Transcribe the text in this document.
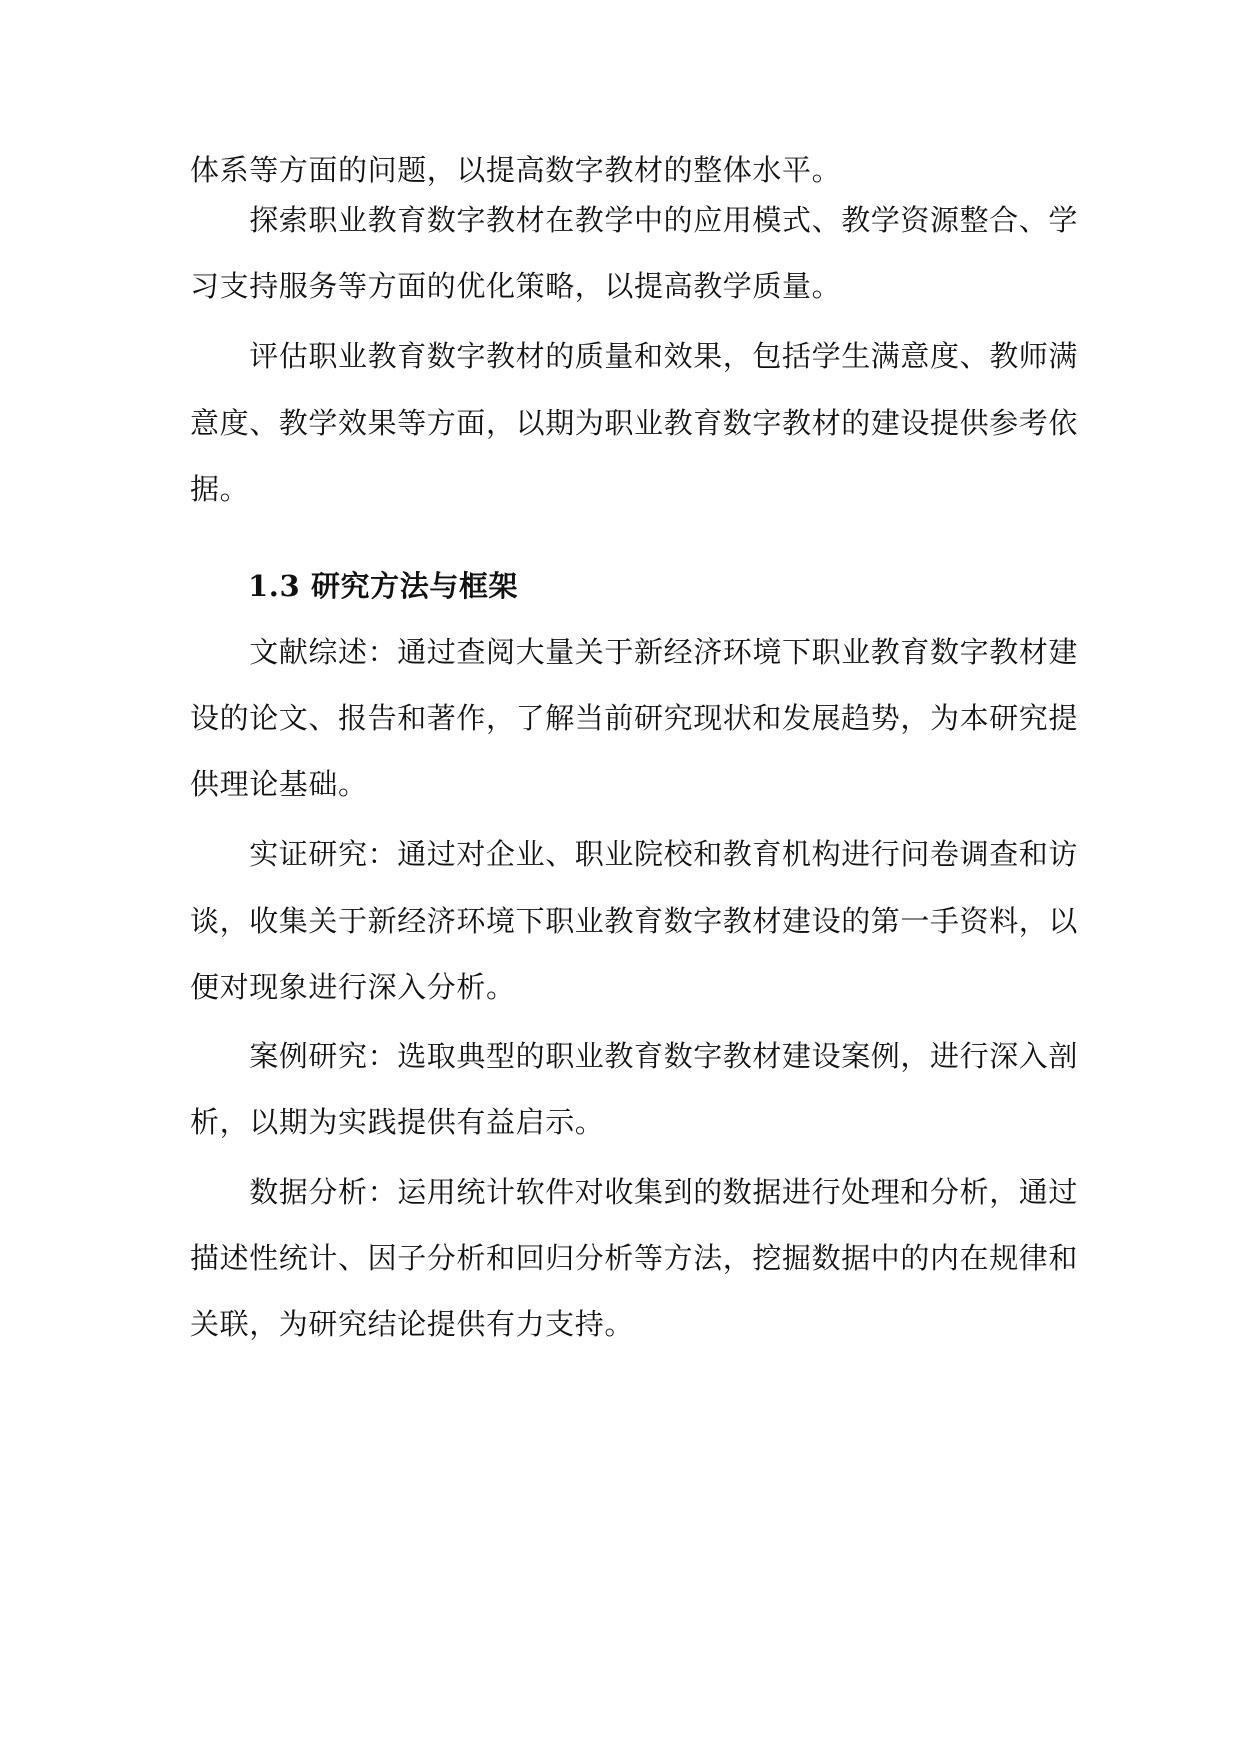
体系等方面的问题，以提高数字教材的整体水平。
　　探索职业教育数字教材在教学中的应用模式、教学资源整合、学
习支持服务等方面的优化策略，以提高教学质量。
　　评估职业教育数字教材的质量和效果，包括学生满意度、教师满
意度、教学效果等方面，以期为职业教育数字教材的建设提供参考依
据。
1.3 研究方法与框架
　　文献综述：通过查阅大量关于新经济环境下职业教育数字教材建
设的论文、报告和著作，了解当前研究现状和发展趋势，为本研究提
供理论基础。
　　实证研究：通过对企业、职业院校和教育机构进行问卷调查和访
谈，收集关于新经济环境下职业教育数字教材建设的第一手资料，以
便对现象进行深入分析。
　　案例研究：选取典型的职业教育数字教材建设案例，进行深入剖
析，以期为实践提供有益启示。
　　数据分析：运用统计软件对收集到的数据进行处理和分析，通过
描述性统计、因子分析和回归分析等方法，挖掘数据中的内在规律和
关联，为研究结论提供有力支持。
